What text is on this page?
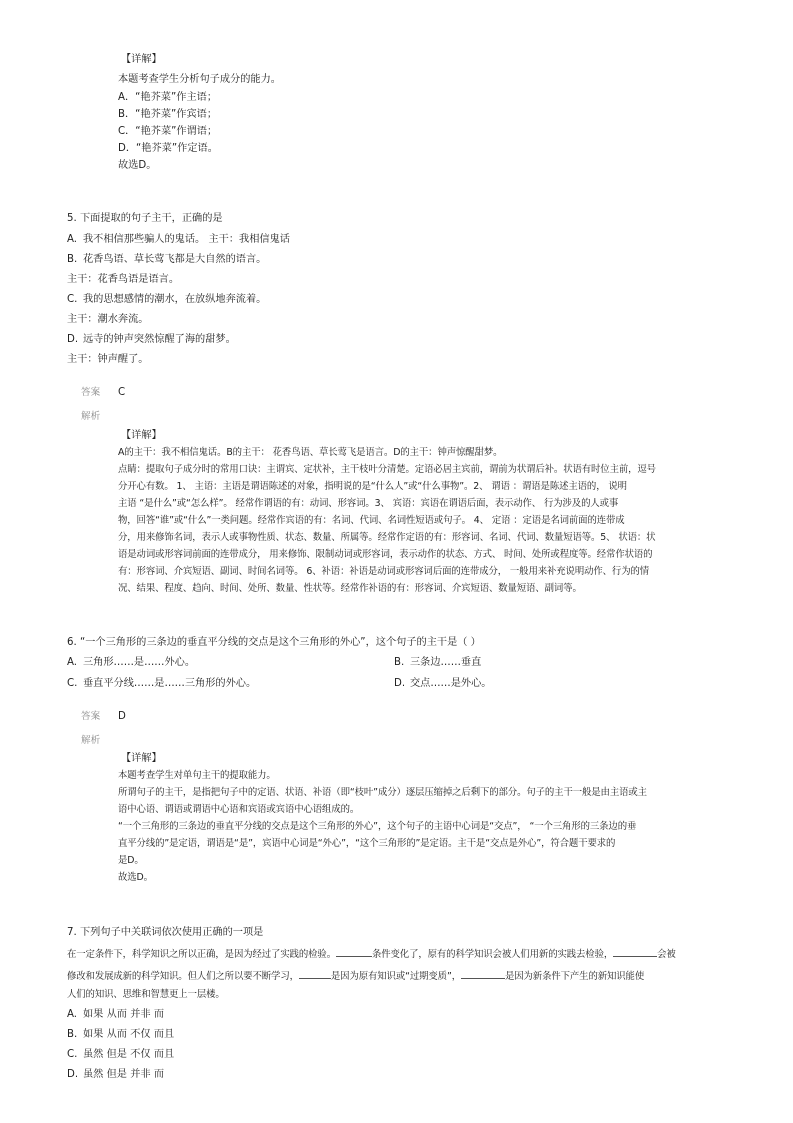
【详解】
本题考查学生分析句子成分的能力。
A．“艳芥菜”作主语；
B．“艳芥菜”作宾语；
C．“艳芥菜”作谓语；
D．“艳芥菜”作定语。
故选D。
5. 下面提取的句子主干，正确的是
A. 我不相信那些骗人的鬼话。 主干：我相信鬼话
B. 花香鸟语、草长莺飞都是大自然的语言。
主干：花香鸟语是语言。
C. 我的思想感情的潮水，在放纵地奔流着。
主干：潮水奔流。
D. 远寺的钟声突然惊醒了海的甜梦。
主干：钟声醒了。
答案 C
解析
【详解】
A的主干：我不相信鬼话。B的主干： 花香鸟语、草长莺飞是语言。D的主干：钟声惊醒甜梦。
点睛：提取句子成分时的常用口诀：主谓宾、定状补，主干枝叶分清楚。定语必居主宾前，谓前为状谓后补。状语有时位主前，逗号
分开心有数。 1、 主语：主语是谓语陈述的对象，指明说的是“什么人”或“什么事物”。2、 谓语 ：谓语是陈述主语的， 说明
主语 “是什么”或“怎么样”。 经常作谓语的有：动词、形容词。3、 宾语：宾语在谓语后面，表示动作、 行为涉及的人或事
物，回答“谁”或“什么”一类问题。经常作宾语的有：名词、代词、名词性短语或句子。 4、 定语 ：定语是名词前面的连带成
分，用来修饰名词，表示人或事物性质、状态、数量、所属等。经常作定语的有：形容词、名词、代词、数量短语等。5、 状语：状
语是动词或形容词前面的连带成分， 用来修饰、限制动词或形容词，表示动作的状态、方式、 时间、处所或程度等。经常作状语的
有：形容词、介宾短语、副词、时间名词等。 6、补语：补语是动词或形容词后面的连带成分， 一般用来补充说明动作、行为的情
况、结果、程度、趋向、时间、处所、数量、性状等。经常作补语的有：形容词、介宾短语、数量短语、副词等。
6. “一个三角形的三条边的垂直平分线的交点是这个三角形的外心”，这个句子的主干是（ ）
A. 三角形……是……外心。	B. 三条边……垂直
C. 垂直平分线……是……三角形的外心。	D. 交点……是外心。
答案 D
解析
【详解】
本题考查学生对单句主干的提取能力。
所谓句子的主干，是指把句子中的定语、状语、补语（即“枝叶”成分）逐层压缩掉之后剩下的部分。句子的主干一般是由主语或主
语中心语、谓语或谓语中心语和宾语或宾语中心语组成的。
“一个三角形的三条边的垂直平分线的交点是这个三角形的外心”，这个句子的主语中心词是“交点”， “一个三角形的三条边的垂
直平分线的”是定语，谓语是“是”，宾语中心词是“外心”，“这个三角形的”是定语。主干是“交点是外心”，符合题干要求的
是D。
故选D。
7. 下列句子中关联词依次使用正确的一项是
在一定条件下，科学知识之所以正确，是因为经过了实践的检验。	条件变化了，原有的科学知识会被人们用新的实践去检验，	会被
修改和发展成新的科学知识。但人们之所以要不断学习，	是因为原有知识或“过期变质”，	是因为新条件下产生的新知识能使
人们的知识、思维和智慧更上一层楼。
A. 如果 从而 并非 而
B. 如果 从而 不仅 而且
C. 虽然 但是 不仅 而且
D. 虽然 但是 并非 而
